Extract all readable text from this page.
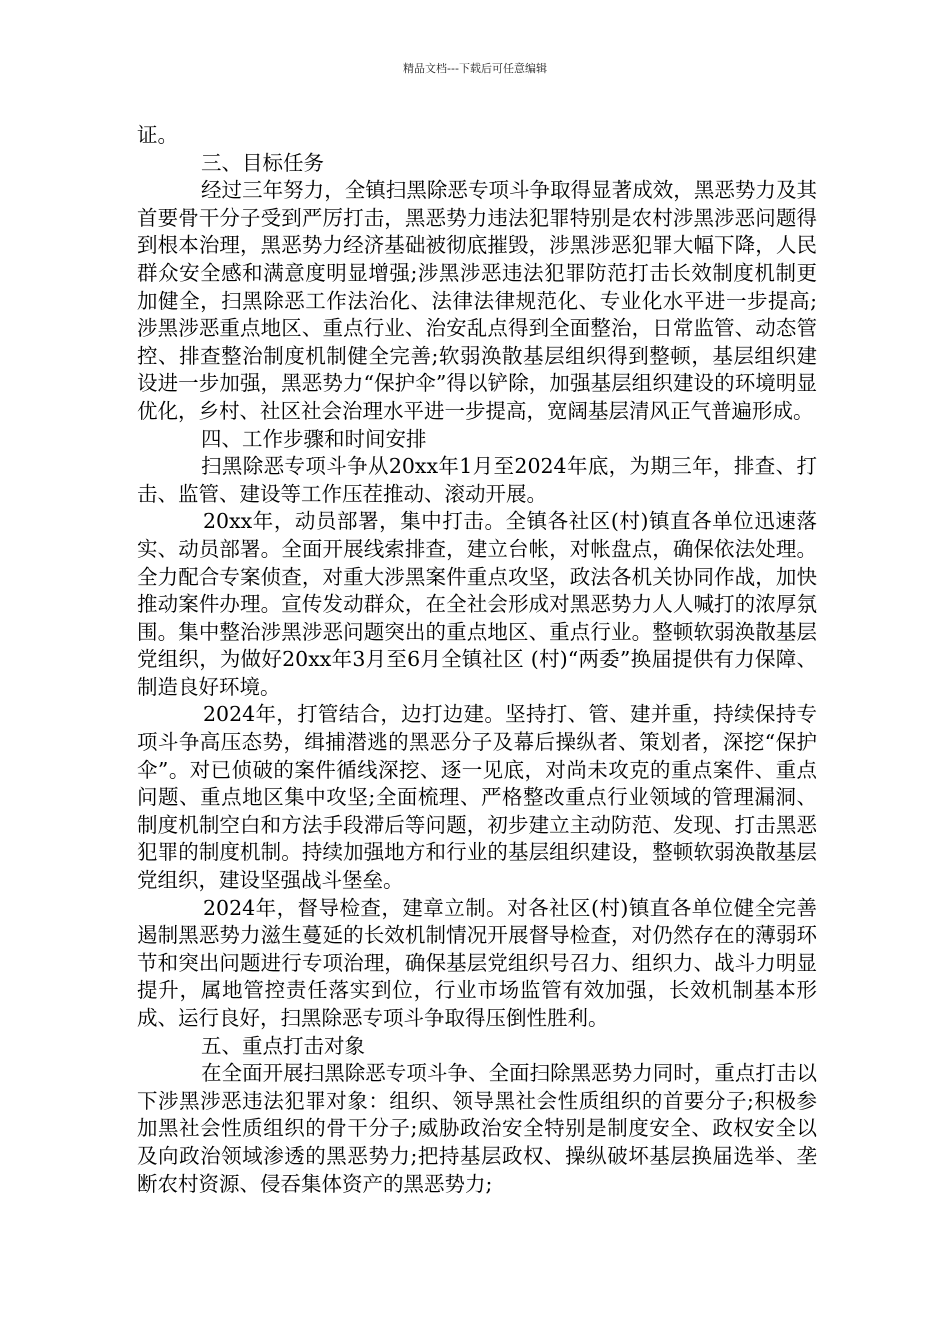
精品文档---下载后可任意编辑

证。

三、目标任务

经过三年努力，全镇扫黑除恶专项斗争取得显著成效，黑恶势力及其首要骨干分子受到严厉打击，黑恶势力违法犯罪特别是农村涉黑涉恶问题得到根本治理，黑恶势力经济基础被彻底摧毁，涉黑涉恶犯罪大幅下降，人民群众安全感和满意度明显增强;涉黑涉恶违法犯罪防范打击长效制度机制更加健全，扫黑除恶工作法治化、法律法律规范化、专业化水平进一步提高;涉黑涉恶重点地区、重点行业、治安乱点得到全面整治，日常监管、动态管控、排查整治制度机制健全完善;软弱涣散基层组织得到整顿，基层组织建设进一步加强，黑恶势力“保护伞”得以铲除，加强基层组织建设的环境明显优化，乡村、社区社会治理水平进一步提高，宽阔基层清风正气普遍形成。

四、工作步骤和时间安排

扫黑除恶专项斗争从20xx年1月至2024年底，为期三年，排查、打击、监管、建设等工作压茬推动、滚动开展。

20xx年，动员部署，集中打击。全镇各社区(村)镇直各单位迅速落实、动员部署。全面开展线索排查，建立台帐，对帐盘点，确保依法处理。全力配合专案侦查，对重大涉黑案件重点攻坚，政法各机关协同作战，加快推动案件办理。宣传发动群众，在全社会形成对黑恶势力人人喊打的浓厚氛围。集中整治涉黑涉恶问题突出的重点地区、重点行业。整顿软弱涣散基层党组织，为做好20xx年3月至6月全镇社区 (村)“两委”换届提供有力保障、制造良好环境。

2024年，打管结合，边打边建。坚持打、管、建并重，持续保持专项斗争高压态势，缉捕潜逃的黑恶分子及幕后操纵者、策划者，深挖“保护伞”。对已侦破的案件循线深挖、逐一见底，对尚未攻克的重点案件、重点问题、重点地区集中攻坚;全面梳理、严格整改重点行业领域的管理漏洞、制度机制空白和方法手段滞后等问题，初步建立主动防范、发现、打击黑恶犯罪的制度机制。持续加强地方和行业的基层组织建设，整顿软弱涣散基层党组织，建设坚强战斗堡垒。

2024年，督导检查，建章立制。对各社区(村)镇直各单位健全完善遏制黑恶势力滋生蔓延的长效机制情况开展督导检查，对仍然存在的薄弱环节和突出问题进行专项治理，确保基层党组织号召力、组织力、战斗力明显提升，属地管控责任落实到位，行业市场监管有效加强，长效机制基本形成、运行良好，扫黑除恶专项斗争取得压倒性胜利。

五、重点打击对象

在全面开展扫黑除恶专项斗争、全面扫除黑恶势力同时，重点打击以下涉黑涉恶违法犯罪对象：组织、领导黑社会性质组织的首要分子;积极参加黑社会性质组织的骨干分子;威胁政治安全特别是制度安全、政权安全以及向政治领域渗透的黑恶势力;把持基层政权、操纵破坏基层换届选举、垄断农村资源、侵吞集体资产的黑恶势力;
